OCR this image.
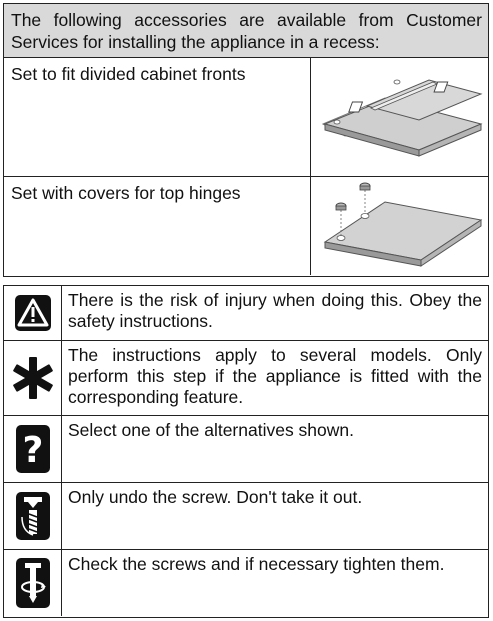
The following accessories are available from Customer Services for installing the appliance in a recess:
Set to fit divided cabinet fronts
Set with covers for top hinges
There is the risk of injury when doing this. Obey the safety instructions.
The instructions apply to several models. Only perform this step if the appliance is fitted with the corresponding feature.
?	Select one of the alternatives shown.
Only undo the screw. Don't take it out.
Check the screws and if necessary tighten them.
